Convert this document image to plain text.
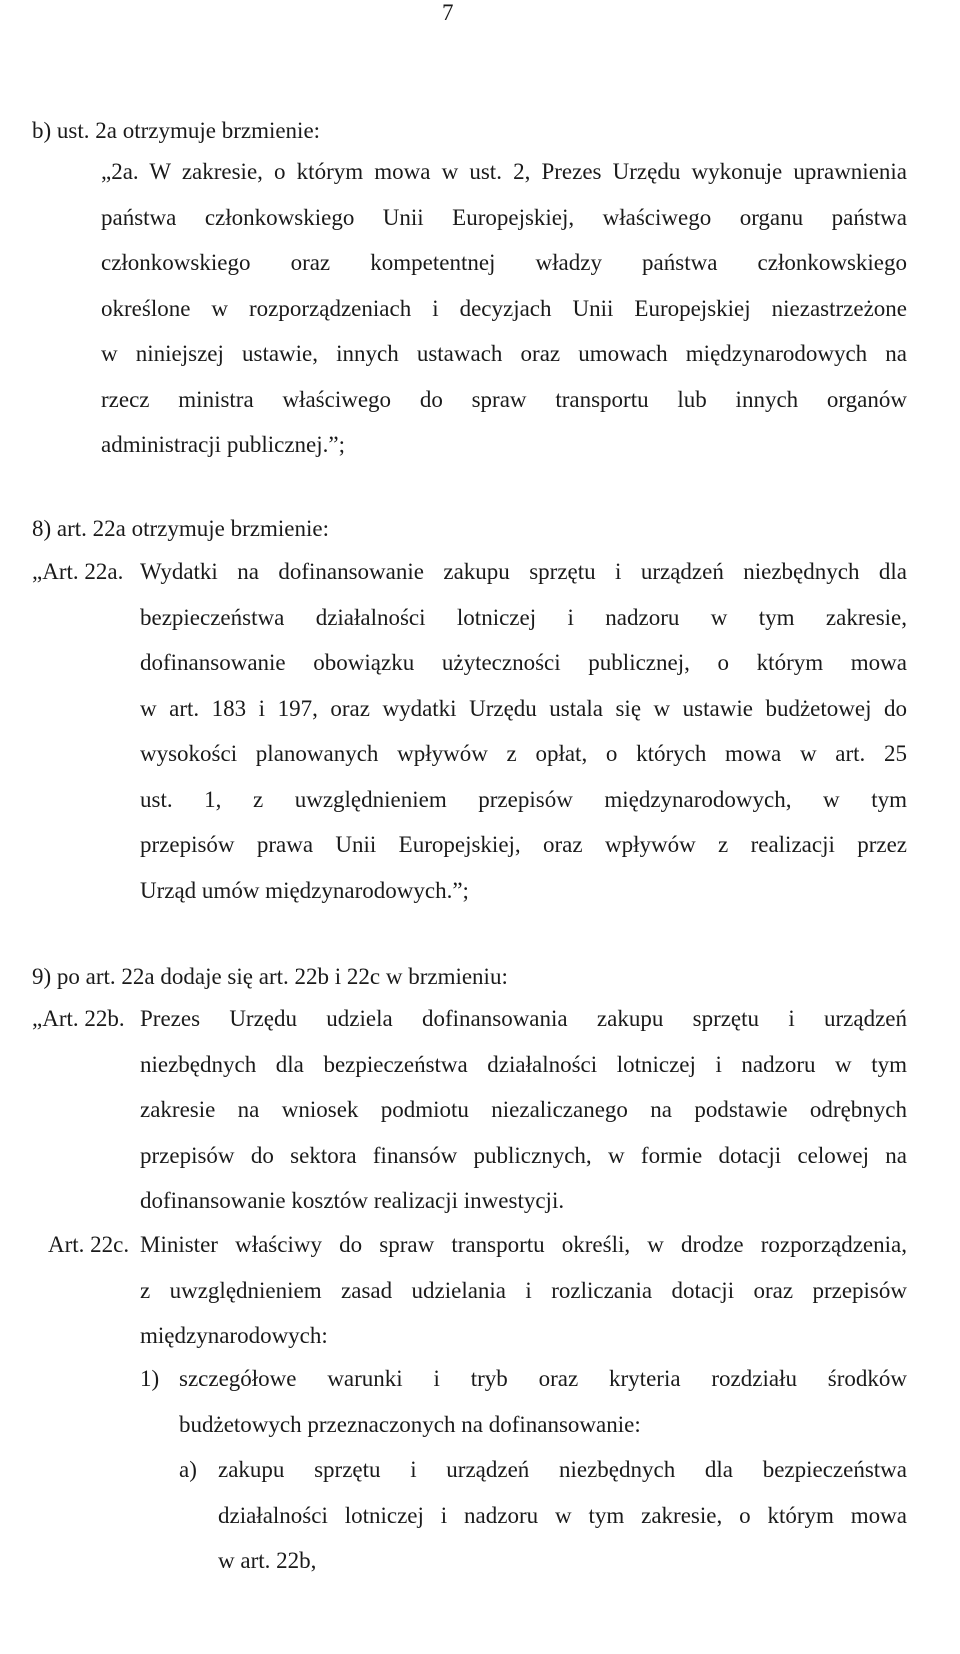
7
b) ust. 2a otrzymuje brzmienie:
„2a. W zakresie, o którym mowa w ust. 2, Prezes Urzędu wykonuje uprawnienia
państwa członkowskiego Unii Europejskiej, właściwego organu państwa
członkowskiego oraz kompetentnej władzy państwa członkowskiego
określone w rozporządzeniach i decyzjach Unii Europejskiej niezastrzeżone
w niniejszej ustawie, innych ustawach oraz umowach międzynarodowych na
rzecz ministra właściwego do spraw transportu lub innych organów
administracji publicznej.”;
8) art. 22a otrzymuje brzmienie:
„Art. 22a. Wydatki na dofinansowanie zakupu sprzętu i urządzeń niezbędnych dla
bezpieczeństwa działalności lotniczej i nadzoru w tym zakresie,
dofinansowanie obowiązku użyteczności publicznej, o którym mowa
w art. 183 i 197, oraz wydatki Urzędu ustala się w ustawie budżetowej do
wysokości planowanych wpływów z opłat, o których mowa w art. 25
ust. 1, z uwzględnieniem przepisów międzynarodowych, w tym
przepisów prawa Unii Europejskiej, oraz wpływów z realizacji przez
Urząd umów międzynarodowych.”;
9) po art. 22a dodaje się art. 22b i 22c w brzmieniu:
„Art. 22b. Prezes Urzędu udziela dofinansowania zakupu sprzętu i urządzeń
niezbędnych dla bezpieczeństwa działalności lotniczej i nadzoru w tym
zakresie na wniosek podmiotu niezaliczanego na podstawie odrębnych
przepisów do sektora finansów publicznych, w formie dotacji celowej na
dofinansowanie kosztów realizacji inwestycji.
Art. 22c. Minister właściwy do spraw transportu określi, w drodze rozporządzenia,
z uwzględnieniem zasad udzielania i rozliczania dotacji oraz przepisów
międzynarodowych:
1) szczegółowe warunki i tryb oraz kryteria rozdziału środków
budżetowych przeznaczonych na dofinansowanie:
a) zakupu sprzętu i urządzeń niezbędnych dla bezpieczeństwa
działalności lotniczej i nadzoru w tym zakresie, o którym mowa
w art. 22b,
